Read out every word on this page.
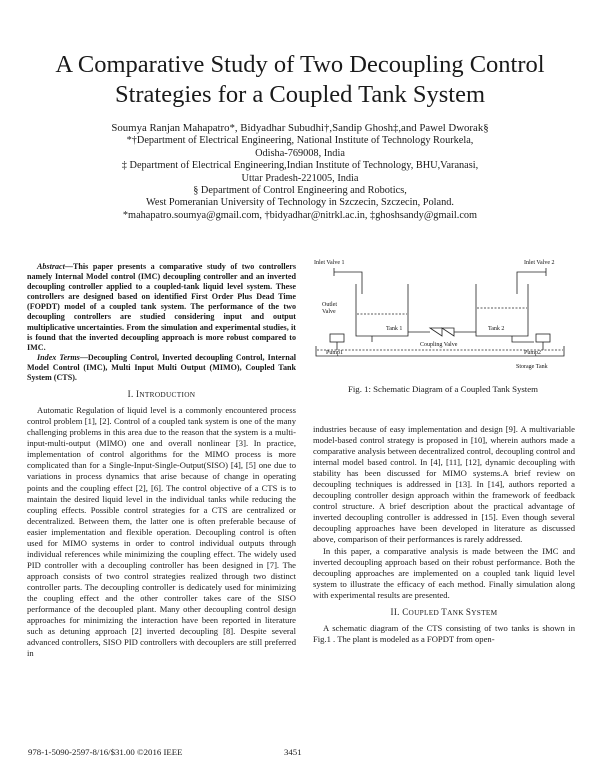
A Comparative Study of Two Decoupling Control
Strategies for a Coupled Tank System
Soumya Ranjan Mahapatro*, Bidyadhar Subudhi†,Sandip Ghosh‡,and Pawel Dworak§
*†Department of Electrical Engineering, National Institute of Technology Rourkela,
Odisha-769008, India
‡ Department of Electrical Engineering,Indian Institute of Technology, BHU,Varanasi,
Uttar Pradesh-221005, India
§ Department of Control Engineering and Robotics,
West Pomeranian University of Technology in Szczecin, Szczecin, Poland.
*mahapatro.soumya@gmail.com, †bidyadhar@nitrkl.ac.in, ‡ghoshsandy@gmail.com

Abstract—This paper presents a comparative study of two controllers namely Internal Model control (IMC) decoupling controller and an inverted decoupling controller applied to a coupled-tank liquid level system. These controllers are designed based on identified First Order Plus Dead Time (FOPDT) model of a coupled tank system. The performance of the two decoupling controllers are studied considering input and output multiplicative uncertainties. From the simulation and experimental studies, it is found that the inverted decoupling approach is more robust compared to IMC.

Index Terms—Decoupling Control, Inverted decoupling Control, Internal Model Control (IMC), Multi Input Multi Output (MIMO), Coupled Tank System (CTS).

I. INTRODUCTION

Automatic Regulation of liquid level is a commonly encountered process control problem [1], [2]. Control of a coupled tank system is one of the many challenging problems in this area due to the reason that the system is a multi-input-multi-output (MIMO) one and overall nonlinear [3]. In practice, implementation of control algorithms for the MIMO process is more complicated than for a Single-Input-Single-Output(SISO) [4], [5] one due to variations in process dynamics that arise because of change in operating points and the coupling effect [2], [6]. The control objective of a CTS is to maintain the desired liquid level in the individual tanks while reducing the coupling effects. Possible control strategies for a CTS are centralized or decentralized. Between them, the latter one is often preferable because of easier implementation and flexible operation. Decoupling control is often used for MIMO systems in order to control individual outputs through individual references while minimizing the coupling effect. The widely used PID controller with a decoupling controller has been designed in [7]. The approach consists of two control strategies realized through two distinct controller parts. The decoupling controller is dedicately used for minimizing the coupling effect and the other controller takes care of the SISO performance of the decoupled plant. Many other decoupling control design approaches for minimizing the interaction have been reported in literature such as detuning approach [2] inverted decoupling [8]. Despite several advanced controllers, SISO PID controllers with decouplers are still preferred in

Inlet Valve 1	Inlet Valve 2
Outlet
Valve
Tank 1	Tank 2
Coupling Valve
Pump1	Pump2
Storage Tank
Fig. 1: Schematic Diagram of a Coupled Tank System

industries because of easy implementation and design [9]. A multivariable model-based control strategy is proposed in [10], wherein authors made a comparative analysis between decentralized control, decoupling control and internal model based control. In [4], [11], [12], dynamic decoupling with stability has been discussed for MIMO systems.A brief review on decoupling techniques is addressed in [13]. In [14], authors reported a decoupling controller design approach within the framework of feedback control structure. A brief description about the practical advantage of inverted decoupling controller is addressed in [15]. Even though several decoupling approaches have been developed in literature as discussed above, comparison of their performances is rarely addressed.

In this paper, a comparative analysis is made between the IMC and inverted decoupling approach based on their robust performance. Both the decoupling approaches are implemented on a coupled tank liquid level system to illustrate the efficacy of each method. Finally simulation along with experimental results are presented.

II. COUPLED TANK SYSTEM

A schematic diagram of the CTS consisting of two tanks is shown in Fig.1 . The plant is modeled as a FOPDT from open-

978-1-5090-2597-8/16/$31.00 ©2016 IEEE	3451
